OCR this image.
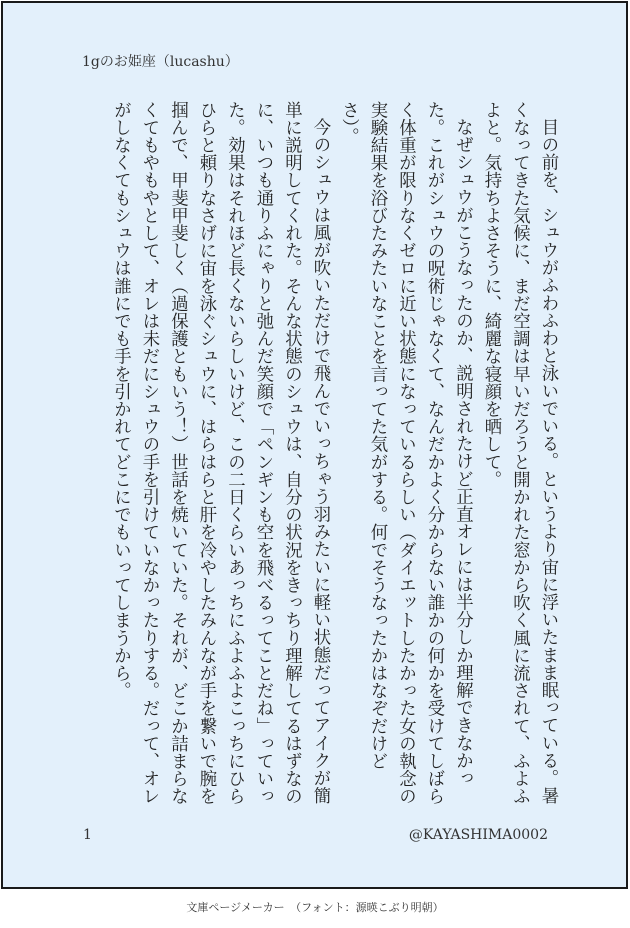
1gのお姫座（lucashu）

目の前を、シュウがふわふわと泳いでいる。というより宙に浮いたまま眠っている。暑くなってきた気候に、まだ空調は早いだろうと開かれた窓から吹く風に流されて、ふよふよと。気持ちよさそうに、綺麗な寝顔を晒して。

なぜシュウがこうなったのか、説明されたけど正直オレには半分しか理解できなかった。これがシュウの呪術じゃなくて、なんだかよく分からない誰かの何かを受けてしばらく体重が限りなくゼロに近い状態になっているらしい（ダイエットしたかった女の執念の実験結果を浴びたみたいなことを言ってた気がする。何でそうなったかはなぞだけどさ）。

今のシュウは風が吹いただけで飛んでいっちゃう羽みたいに軽い状態だってアイクが簡単に説明してくれた。そんな状態のシュウは、自分の状況をきっちり理解してるはずなのに、いつも通りふにゃりと弛んだ笑顔で「ペンギンも空を飛べるってことだね」っていった。効果はそれほど長くないらしいけど、この二日くらいあっちにふよふよこっちにひらひらと頼りなさげに宙を泳ぐシュウに、はらはらと肝を冷やしたみんなが手を繋いで腕を掴んで、甲斐甲斐しく（過保護ともいう！）世話を焼いていた。それが、どこか詰まらなくてもやもやとして、オレは未だにシュウの手を引けていなかったりする。だって、オレがしなくてもシュウは誰にでも手を引かれてどこにでもいってしまうから。

1	@KAYASHIMA0002
文庫ページメーカー　（フォント：源暎こぶり明朝）
